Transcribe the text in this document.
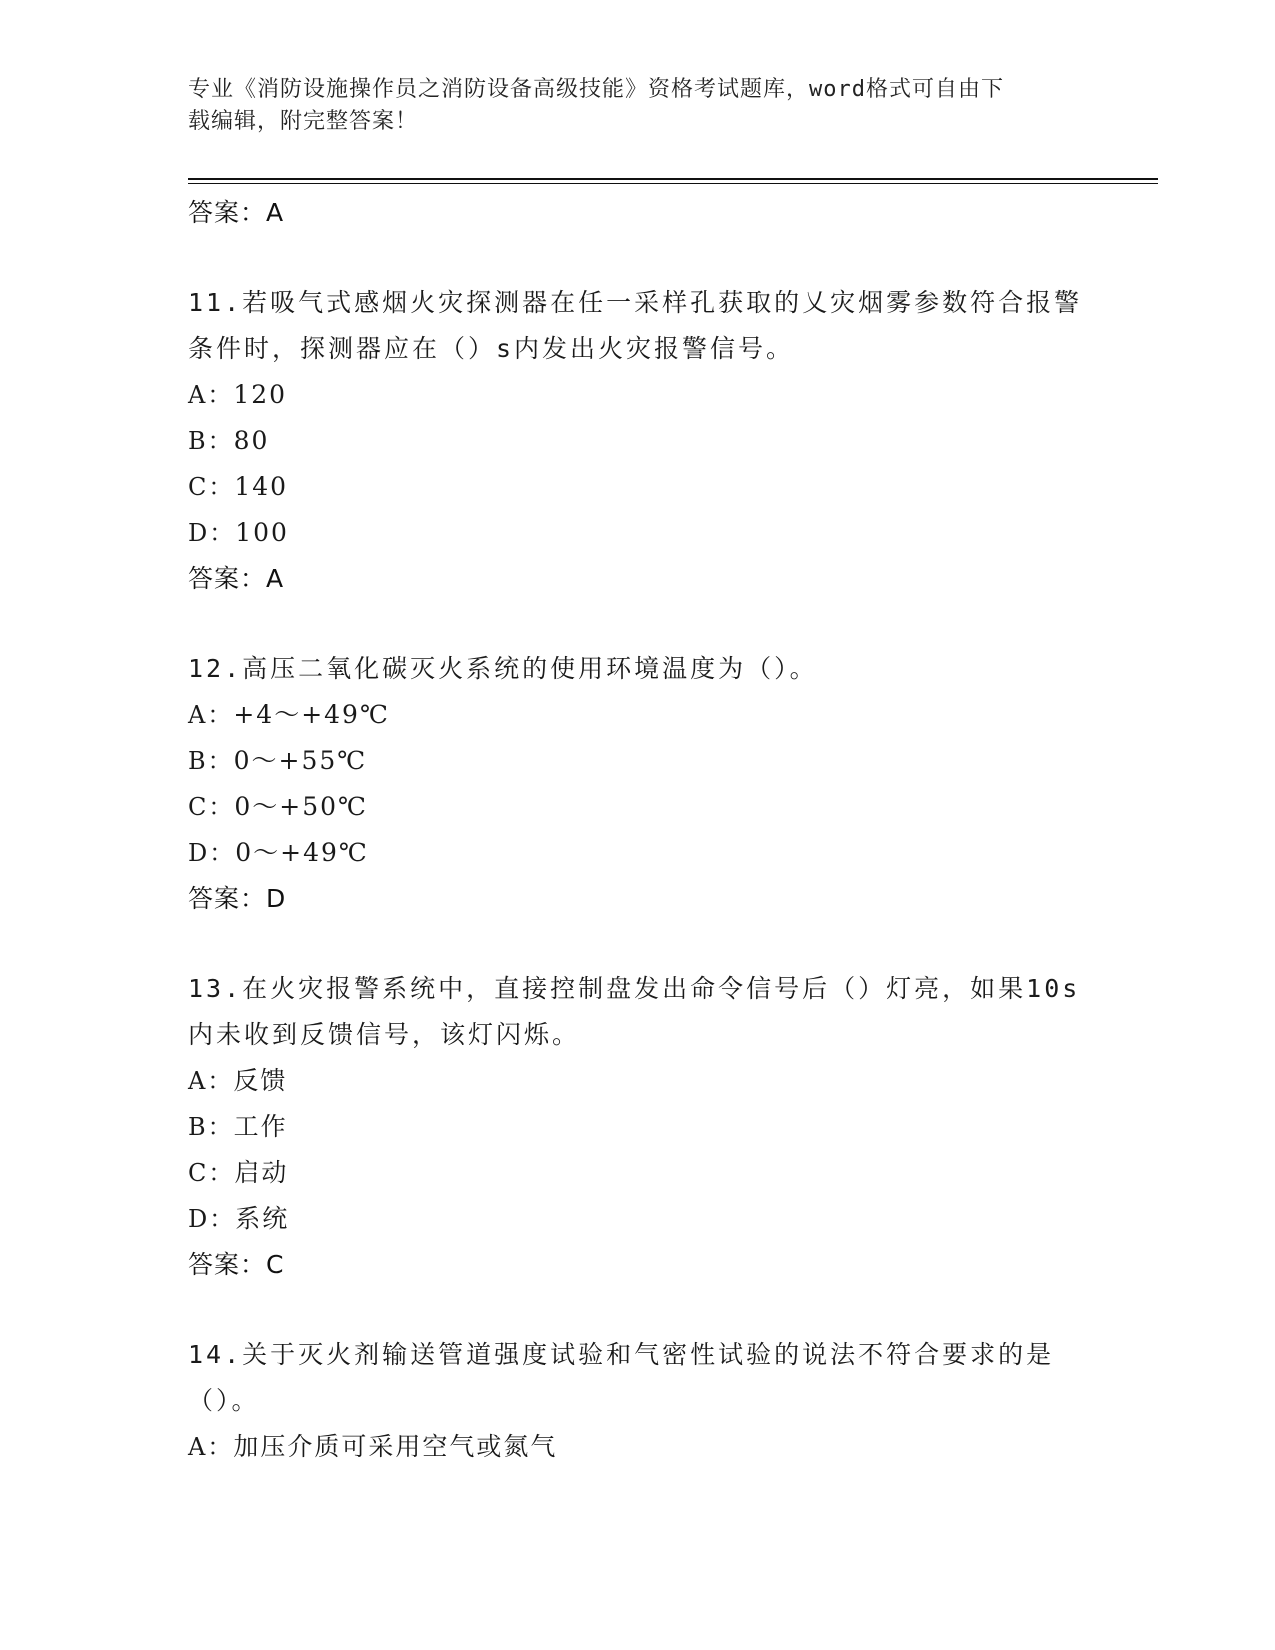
专业《消防设施操作员之消防设备高级技能》资格考试题库，word格式可自由下
载编辑，附完整答案！
答案：A
11.若吸气式感烟火灾探测器在任一采样孔获取的乂灾烟雾参数符合报警条件时，探测器应在（）s内发出火灾报警信号。
A：120
B：80
C：140
D：100
答案：A
12.高压二氧化碳灭火系统的使用环境温度为（）。
A：+4～+49℃
B：0～+55℃
C：0～+50℃
D：0～+49℃
答案：D
13.在火灾报警系统中，直接控制盘发出命令信号后（）灯亮，如果10s内未收到反馈信号，该灯闪烁。
A：反馈
B：工作
C：启动
D：系统
答案：C
14.关于灭火剂输送管道强度试验和气密性试验的说法不符合要求的是（）。
A：加压介质可采用空气或氮气
